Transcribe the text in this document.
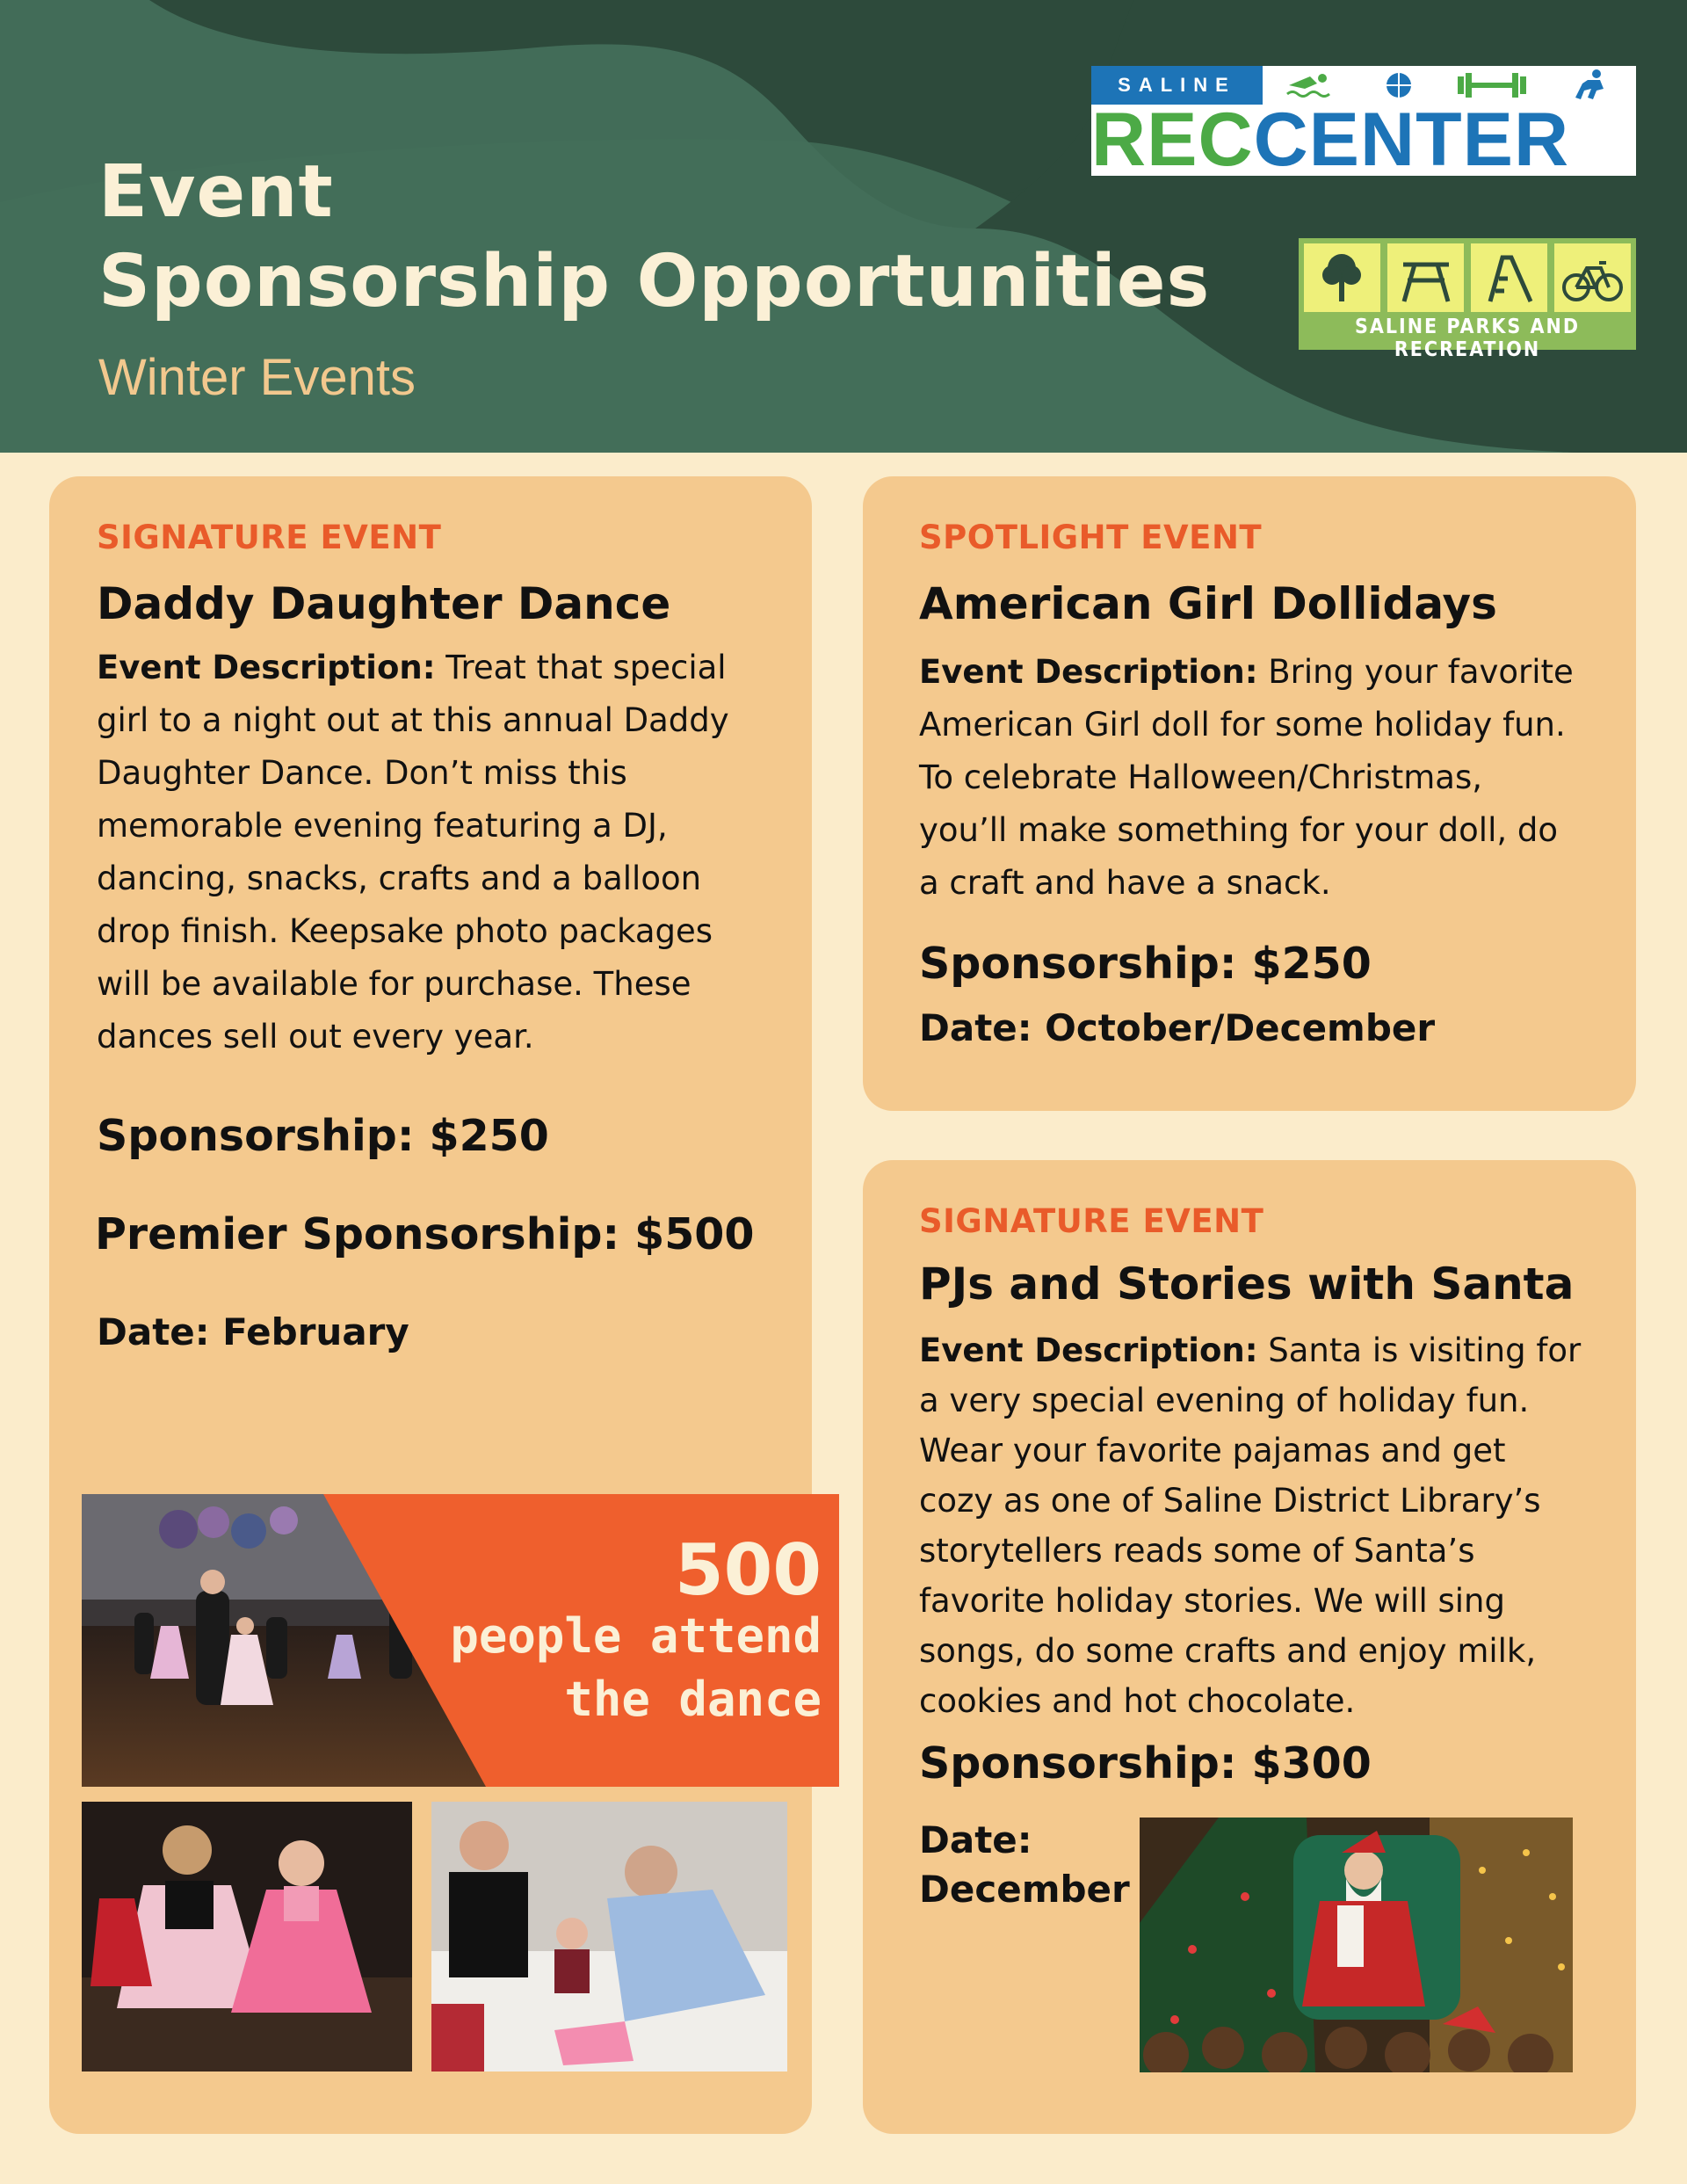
Event

Sponsorship Opportunities

Winter Events

SALINE
RECCENTER
SALINE PARKS AND RECREATION

SIGNATURE EVENT

Daddy Daughter Dance

Event Description: Treat that special
girl to a night out at this annual Daddy
Daughter Dance. Don’t miss this
memorable evening featuring a DJ,
dancing, snacks, crafts and a balloon
drop finish. Keepsake photo packages
will be available for purchase. These
dances sell out every year.

Sponsorship: $250

Premier Sponsorship: $500

Date: February

500

people attend

the dance

SPOTLIGHT EVENT

American Girl Dollidays

Event Description: Bring your favorite
American Girl doll for some holiday fun.
To celebrate Halloween/Christmas,
you’ll make something for your doll, do
a craft and have a snack.

Sponsorship: $250

Date: October/December

SIGNATURE EVENT

PJs and Stories with Santa

Event Description: Santa is visiting for
a very special evening of holiday fun.
Wear your favorite pajamas and get
cozy as one of Saline District Library’s
storytellers reads some of Santa’s
favorite holiday stories. We will sing
songs, do some crafts and enjoy milk,
cookies and hot chocolate.

Sponsorship: $300

Date:
December
